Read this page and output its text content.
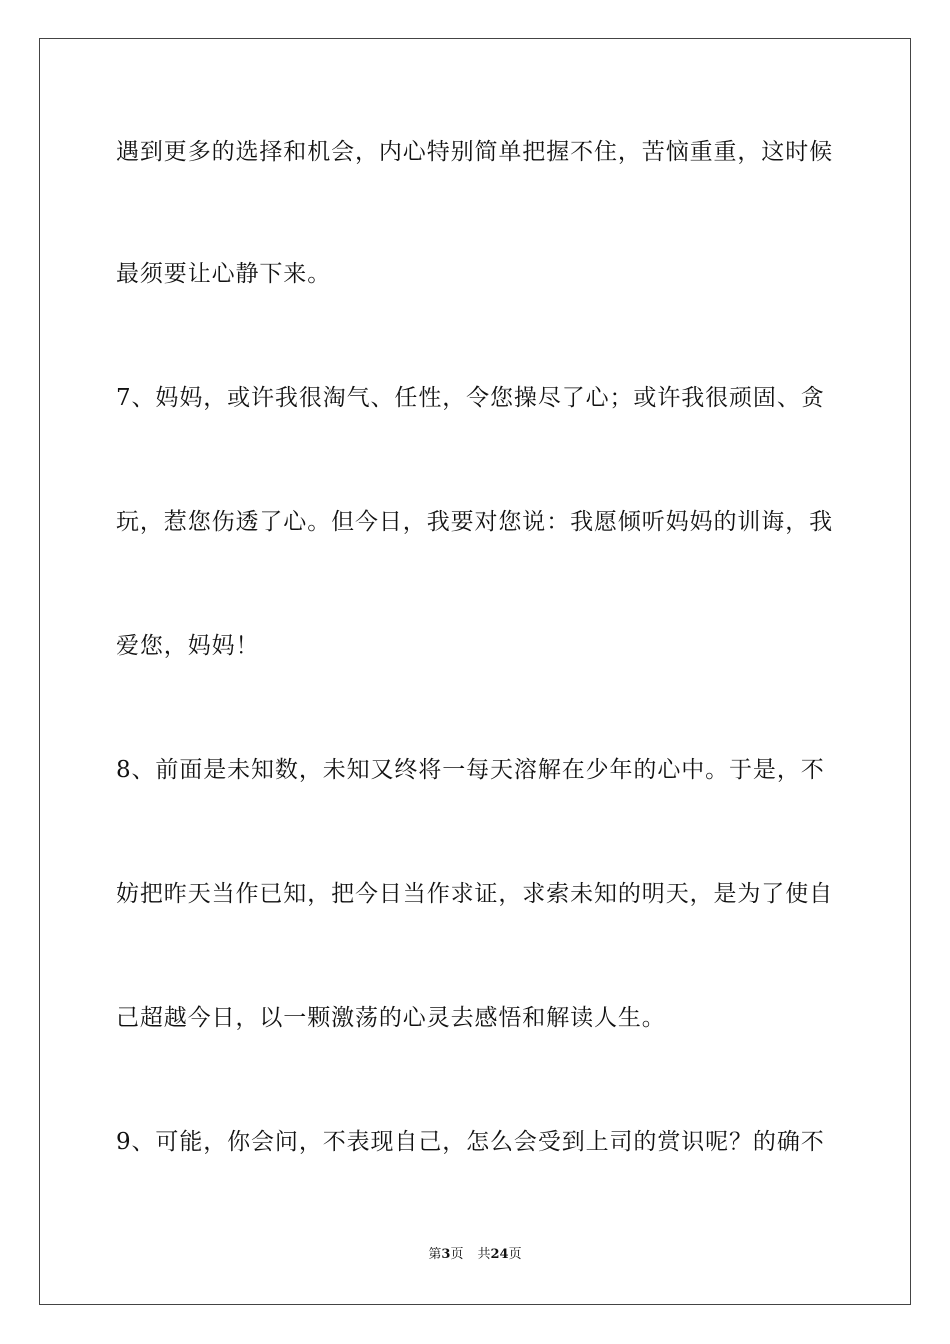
遇到更多的选择和机会，内心特别简单把握不住，苦恼重重，这时候
最须要让心静下来。
7、妈妈，或许我很淘气、任性，令您操尽了心；或许我很顽固、贪
玩，惹您伤透了心。但今日，我要对您说：我愿倾听妈妈的训诲，我
爱您，妈妈！
8、前面是未知数，未知又终将一每天溶解在少年的心中。于是，不
妨把昨天当作已知，把今日当作求证，求索未知的明天，是为了使自
己超越今日，以一颗激荡的心灵去感悟和解读人生。
9、可能，你会问，不表现自己，怎么会受到上司的赏识呢？的确不
第3页 共24页
